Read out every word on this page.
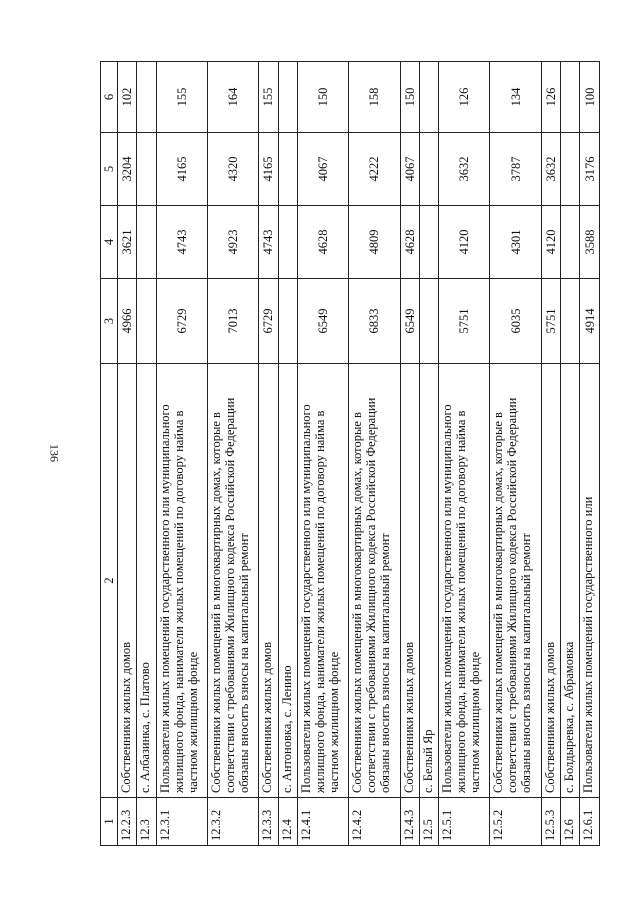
136
1	2	3	4	5	6
12.2.3	Собственники жилых домов	4966	3621	3204	102
12.3	с. Албазинка, с. Платово				
12.3.1	Пользователи жилых помещений государственного или муниципального жилищного фонда, наниматели жилых помещений по договору найма в частном жилищном фонде	6729	4743	4165	155
12.3.2	Собственники жилых помещений в многоквартирных домах, которые в соответствии с требованиями Жилищного кодекса Российской Федерации обязаны вносить взносы на капитальный ремонт	7013	4923	4320	164
12.3.3	Собственники жилых домов	6729	4743	4165	155
12.4	с. Антоновка, с. Ленино				
12.4.1	Пользователи жилых помещений государственного или муниципального жилищного фонда, наниматели жилых помещений по договору найма в частном жилищном фонде	6549	4628	4067	150
12.4.2	Собственники жилых помещений в многоквартирных домах, которые в соответствии с требованиями Жилищного кодекса Российской Федерации обязаны вносить взносы на капитальный ремонт	6833	4809	4222	158
12.4.3	Собственники жилых домов	6549	4628	4067	150
12.5	с. Белый Яр				
12.5.1	Пользователи жилых помещений государственного или муниципального жилищного фонда, наниматели жилых помещений по договору найма в частном жилищном фонде	5751	4120	3632	126
12.5.2	Собственники жилых помещений в многоквартирных домах, которые в соответствии с требованиями Жилищного кодекса Российской Федерации обязаны вносить взносы на капитальный ремонт	6035	4301	3787	134
12.5.3	Собственники жилых домов	5751	4120	3632	126
12.6	с. Болдыревка, с. Абрамовка				
12.6.1	Пользователи жилых помещений государственного или	4914	3588	3176	100
